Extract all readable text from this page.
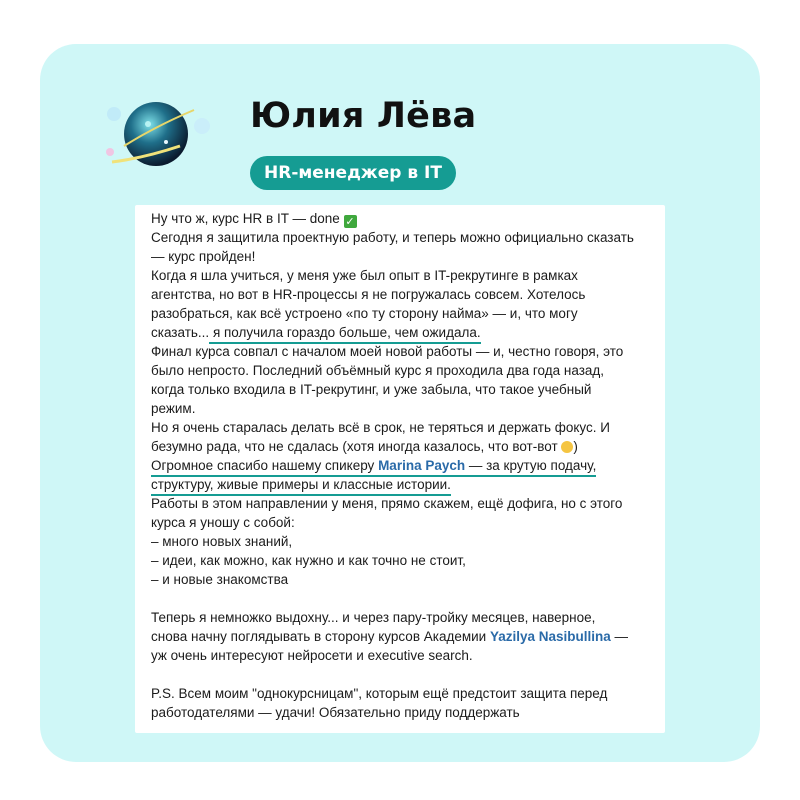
Юлия Лёва
HR-менеджер в IT
Ну что ж, курс HR в IT — done ✓
Сегодня я защитила проектную работу, и теперь можно официально сказать
— курс пройден!
Когда я шла учиться, у меня уже был опыт в IT-рекрутинге в рамках
агентства, но вот в HR-процессы я не погружалась совсем. Хотелось
разобраться, как всё устроено «по ту сторону найма» — и, что могу
сказать... я получила гораздо больше, чем ожидала.
Финал курса совпал с началом моей новой работы — и, честно говоря, это
было непросто. Последний объёмный курс я проходила два года назад,
когда только входила в IT-рекрутинг, и уже забыла, что такое учебный
режим.
Но я очень старалась делать всё в срок, не теряться и держать фокус. И
безумно рада, что не сдалась (хотя иногда казалось, что вот-вот )
Огромное спасибо нашему спикеру Marina Paych — за крутую подачу,
структуру, живые примеры и классные истории.
Работы в этом направлении у меня, прямо скажем, ещё дофига, но с этого
курса я уношу с собой:
– много новых знаний,
– идеи, как можно, как нужно и как точно не стоит,
– и новые знакомства
Теперь я немножко выдохну... и через пару-тройку месяцев, наверное,
снова начну поглядывать в сторону курсов Академии Yazilya Nasibullina —
уж очень интересуют нейросети и executive search.
P.S. Всем моим "однокурсницам", которым ещё предстоит защита перед
работодателями — удачи! Обязательно приду поддержать
